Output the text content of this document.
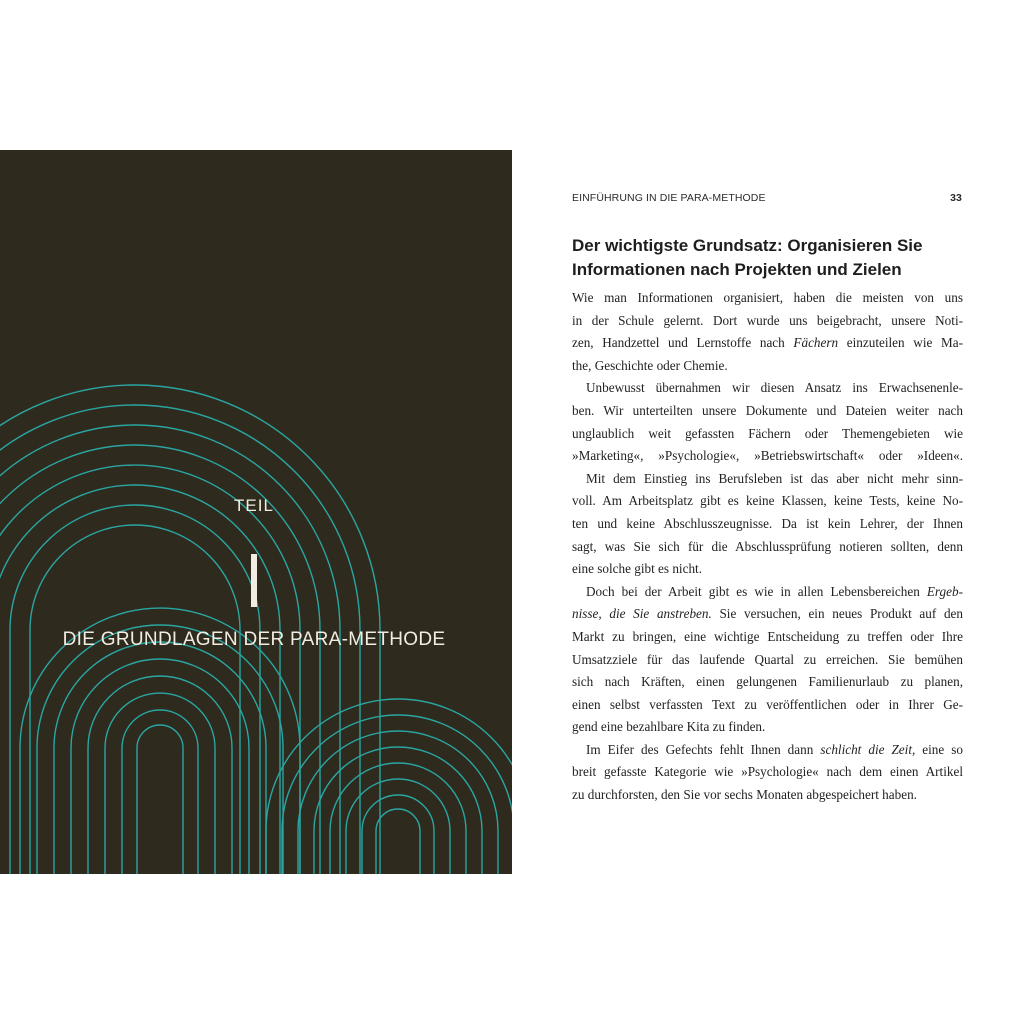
TEIL
DIE GRUNDLAGEN DER PARA-METHODE
EINFÜHRUNG IN DIE PARA-METHODE	33
Der wichtigste Grundsatz: Organisieren Sie
Informationen nach Projekten und Zielen
Wie man Informationen organisiert, haben die meisten von uns
in der Schule gelernt. Dort wurde uns beigebracht, unsere Noti-
zen, Handzettel und Lernstoffe nach Fächern einzuteilen wie Ma-
the, Geschichte oder Chemie.
Unbewusst übernahmen wir diesen Ansatz ins Erwachsenenle-
ben. Wir unterteilten unsere Dokumente und Dateien weiter nach
unglaublich weit gefassten Fächern oder Themengebieten wie
»Marketing«, »Psychologie«, »Betriebswirtschaft« oder »Ideen«.
Mit dem Einstieg ins Berufsleben ist das aber nicht mehr sinn-
voll. Am Arbeitsplatz gibt es keine Klassen, keine Tests, keine No-
ten und keine Abschlusszeugnisse. Da ist kein Lehrer, der Ihnen
sagt, was Sie sich für die Abschlussprüfung notieren sollten, denn
eine solche gibt es nicht.
Doch bei der Arbeit gibt es wie in allen Lebensbereichen Ergeb-
nisse, die Sie anstreben. Sie versuchen, ein neues Produkt auf den
Markt zu bringen, eine wichtige Entscheidung zu treffen oder Ihre
Umsatzziele für das laufende Quartal zu erreichen. Sie bemühen
sich nach Kräften, einen gelungenen Familienurlaub zu planen,
einen selbst verfassten Text zu veröffentlichen oder in Ihrer Ge-
gend eine bezahlbare Kita zu finden.
Im Eifer des Gefechts fehlt Ihnen dann schlicht die Zeit, eine so
breit gefasste Kategorie wie »Psychologie« nach dem einen Artikel
zu durchforsten, den Sie vor sechs Monaten abgespeichert haben.
